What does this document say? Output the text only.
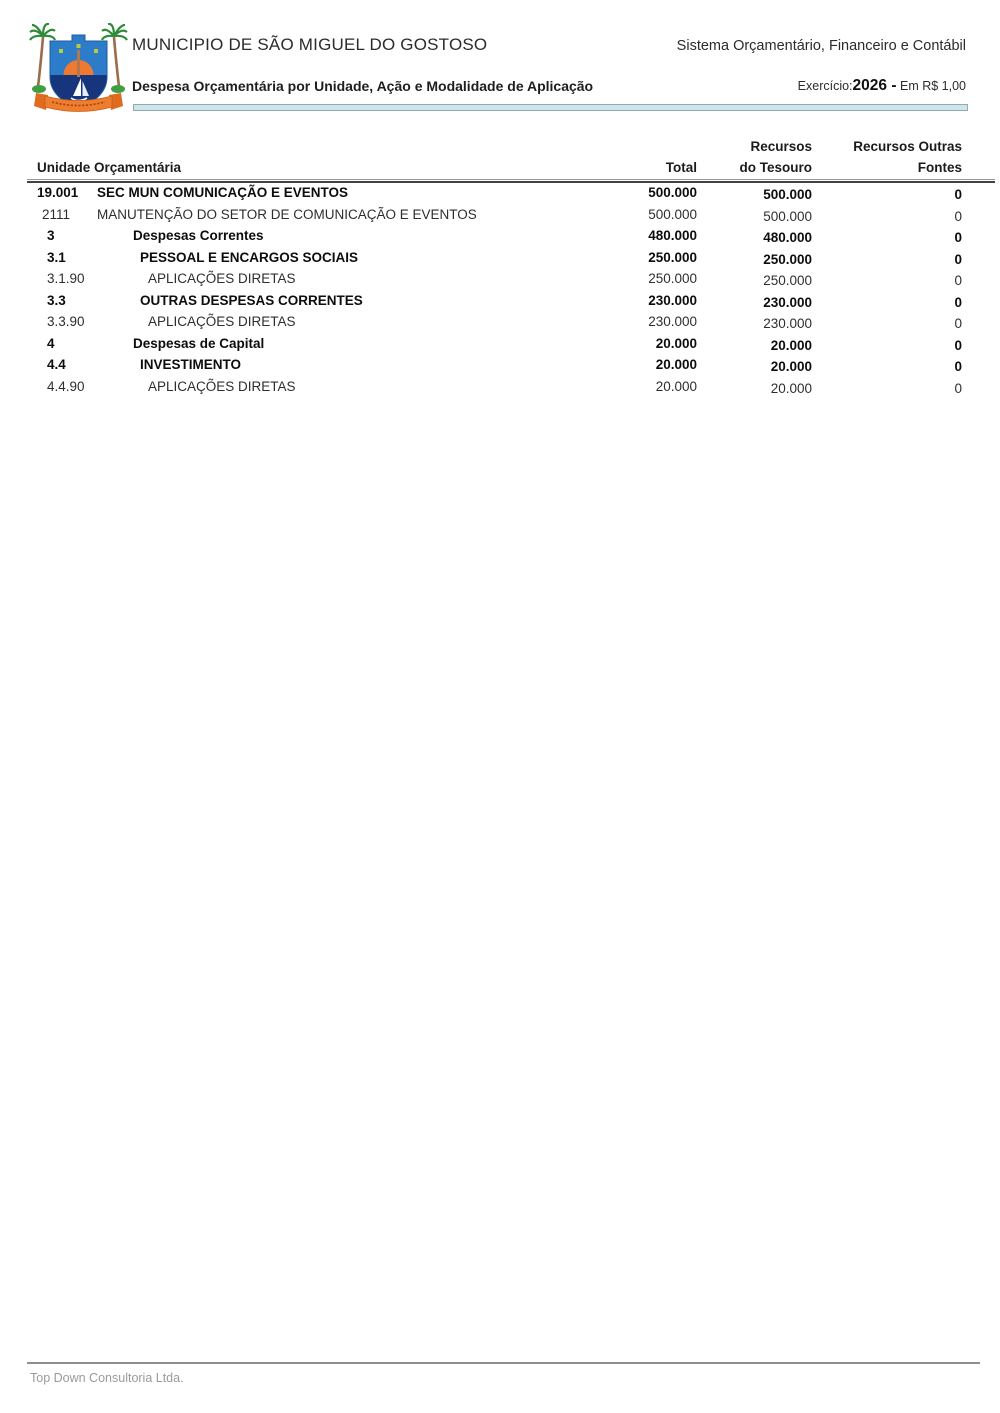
MUNICIPIO DE SÃO MIGUEL DO GOSTOSO	Sistema Orçamentário, Financeiro e Contábil
Despesa Orçamentária por Unidade, Ação e Modalidade de Aplicação	Exercício:2026 - Em R$ 1,00
Recursos	Recursos Outras
Unidade Orçamentária	Total	do Tesouro	Fontes
19.001 SEC MUN COMUNICAÇÃO E EVENTOS	500.000	500.000	0
2111 MANUTENÇÃO DO SETOR DE COMUNICAÇÃO E EVENTOS	500.000	500.000	0
3	Despesas Correntes	480.000	480.000	0
3.1	PESSOAL E ENCARGOS SOCIAIS	250.000	250.000	0
3.1.90	APLICAÇÕES DIRETAS	250.000	250.000	0
3.3	OUTRAS DESPESAS CORRENTES	230.000	230.000	0
3.3.90	APLICAÇÕES DIRETAS	230.000	230.000	0
4	Despesas de Capital	20.000	20.000	0
4.4	INVESTIMENTO	20.000	20.000	0
4.4.90	APLICAÇÕES DIRETAS	20.000	20.000	0
Top Down Consultoria Ltda.
